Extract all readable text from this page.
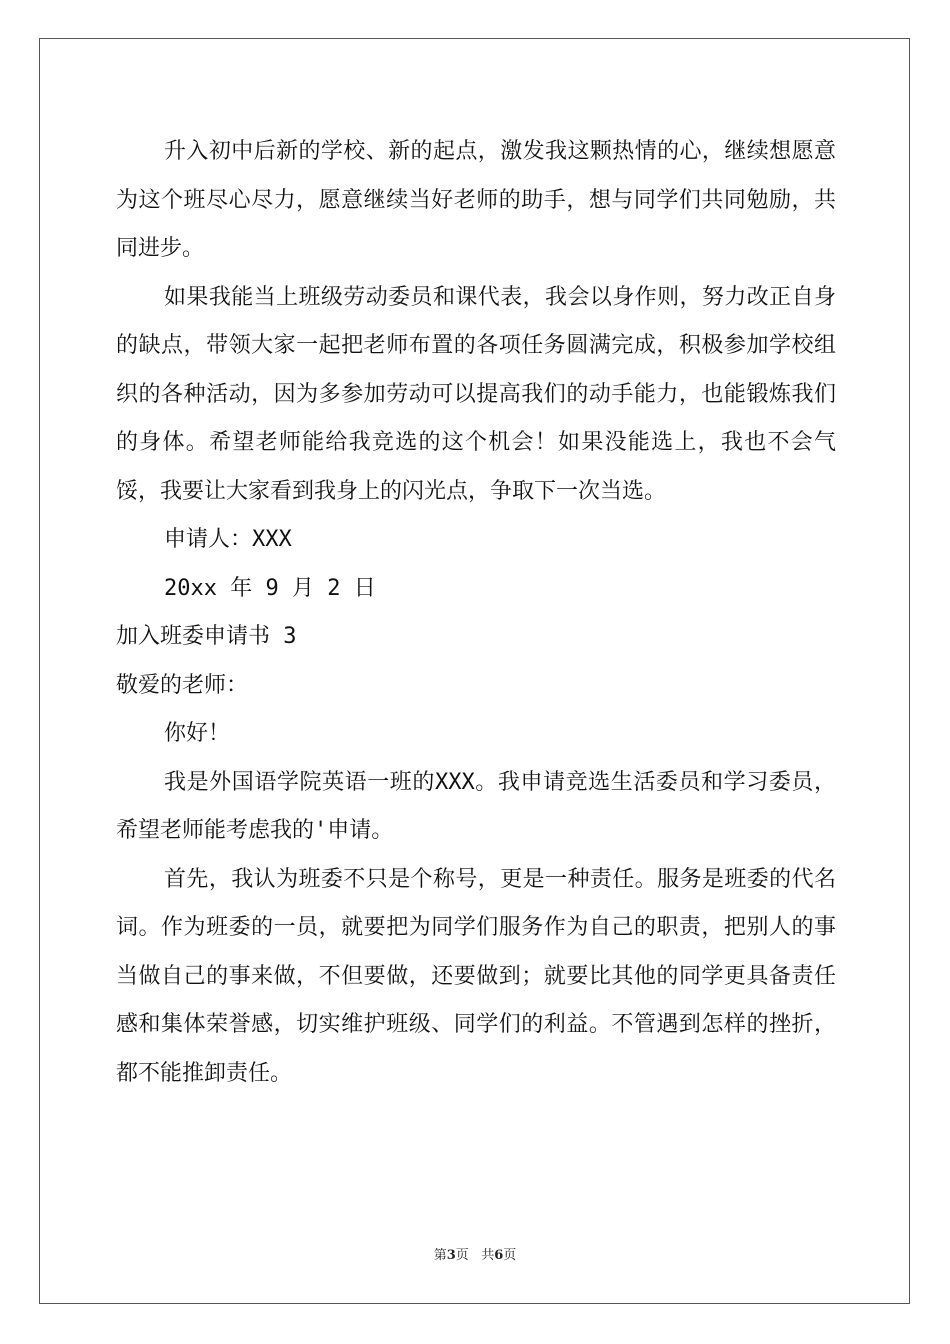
升入初中后新的学校、新的起点，激发我这颗热情的心，继续想愿意为这个班尽心尽力，愿意继续当好老师的助手，想与同学们共同勉励，共同进步。

如果我能当上班级劳动委员和课代表，我会以身作则，努力改正自身的缺点，带领大家一起把老师布置的各项任务圆满完成，积极参加学校组织的各种活动，因为多参加劳动可以提高我们的动手能力，也能锻炼我们的身体。希望老师能给我竞选的这个机会！如果没能选上，我也不会气馁，我要让大家看到我身上的闪光点，争取下一次当选。

申请人：XXX

20xx 年 9 月 2 日

加入班委申请书 3

敬爱的老师：

你好！

我是外国语学院英语一班的XXX。我申请竞选生活委员和学习委员，希望老师能考虑我的'申请。

首先，我认为班委不只是个称号，更是一种责任。服务是班委的代名词。作为班委的一员，就要把为同学们服务作为自己的职责，把别人的事当做自己的事来做，不但要做，还要做到；就要比其他的同学更具备责任感和集体荣誉感，切实维护班级、同学们的利益。不管遇到怎样的挫折，都不能推卸责任。

第3页 共6页
